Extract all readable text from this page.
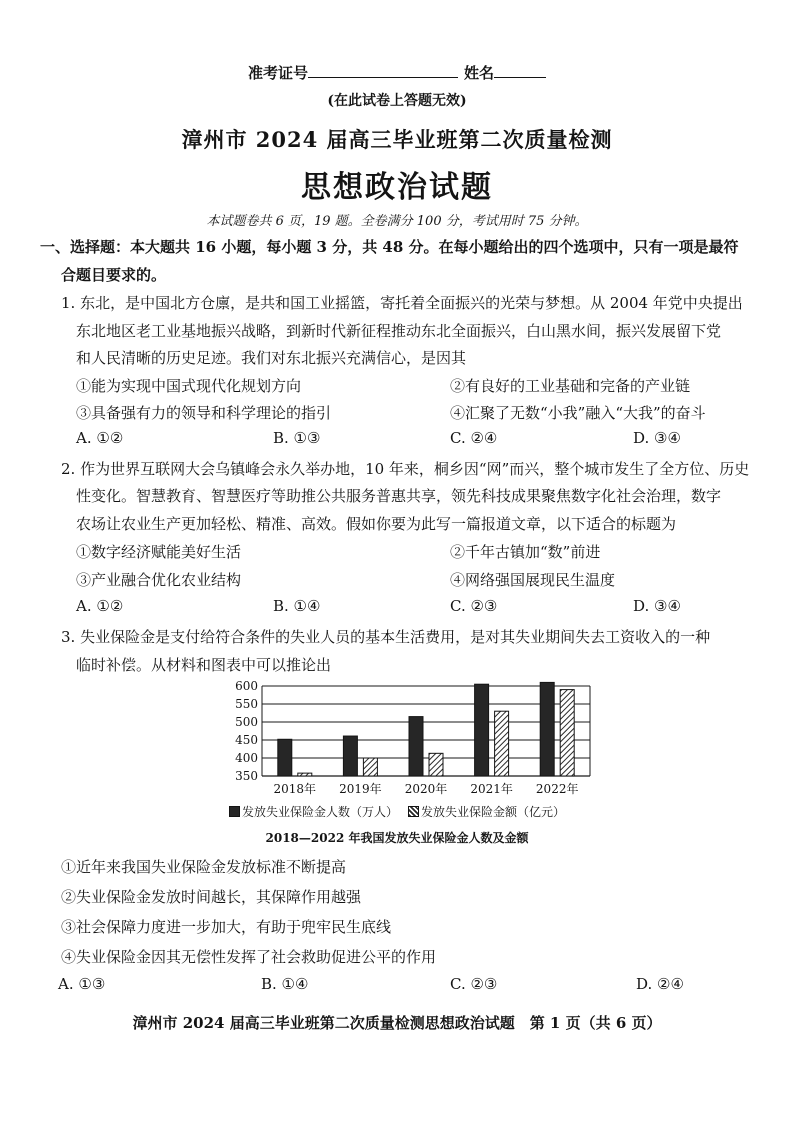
准考证号	姓名
(在此试卷上答题无效)
漳州市 2024 届高三毕业班第二次质量检测
思想政治试题
本试题卷共 6 页，19 题。全卷满分 100 分，考试用时 75 分钟。
一、选择题：本大题共 16 小题，每小题 3 分，共 48 分。在每小题给出的四个选项中，只有一项是最符
合题目要求的。
1. 东北，是中国北方仓廪，是共和国工业摇篮，寄托着全面振兴的光荣与梦想。从 2004 年党中央提出
东北地区老工业基地振兴战略，到新时代新征程推动东北全面振兴，白山黑水间，振兴发展留下党
和人民清晰的历史足迹。我们对东北振兴充满信心，是因其
①能为实现中国式现代化规划方向	②有良好的工业基础和完备的产业链
③具备强有力的领导和科学理论的指引	④汇聚了无数“小我”融入“大我”的奋斗
A. ①②	B. ①③	C. ②④	D. ③④
2. 作为世界互联网大会乌镇峰会永久举办地，10 年来，桐乡因“网”而兴，整个城市发生了全方位、历史
性变化。智慧教育、智慧医疗等助推公共服务普惠共享，领先科技成果聚焦数字化社会治理，数字
农场让农业生产更加轻松、精准、高效。假如你要为此写一篇报道文章，以下适合的标题为
①数字经济赋能美好生活	②千年古镇加“数”前进
③产业融合优化农业结构	④网络强国展现民生温度
A. ①②	B. ①④	C. ②③	D. ③④
3. 失业保险金是支付给符合条件的失业人员的基本生活费用，是对其失业期间失去工资收入的一种
临时补偿。从材料和图表中可以推论出
350
400
450
500
550
600
2018年 2019年 2020年 2021年 2022年
发放失业保险金人数（万人） 发放失业保险金额（亿元）
2018—2022 年我国发放失业保险金人数及金额
①近年来我国失业保险金发放标准不断提高
②失业保险金发放时间越长，其保障作用越强
③社会保障力度进一步加大，有助于兜牢民生底线
④失业保险金因其无偿性发挥了社会救助促进公平的作用
A. ①③	B. ①④	C. ②③	D. ②④
漳州市 2024 届高三毕业班第二次质量检测思想政治试题　第 1 页（共 6 页）
